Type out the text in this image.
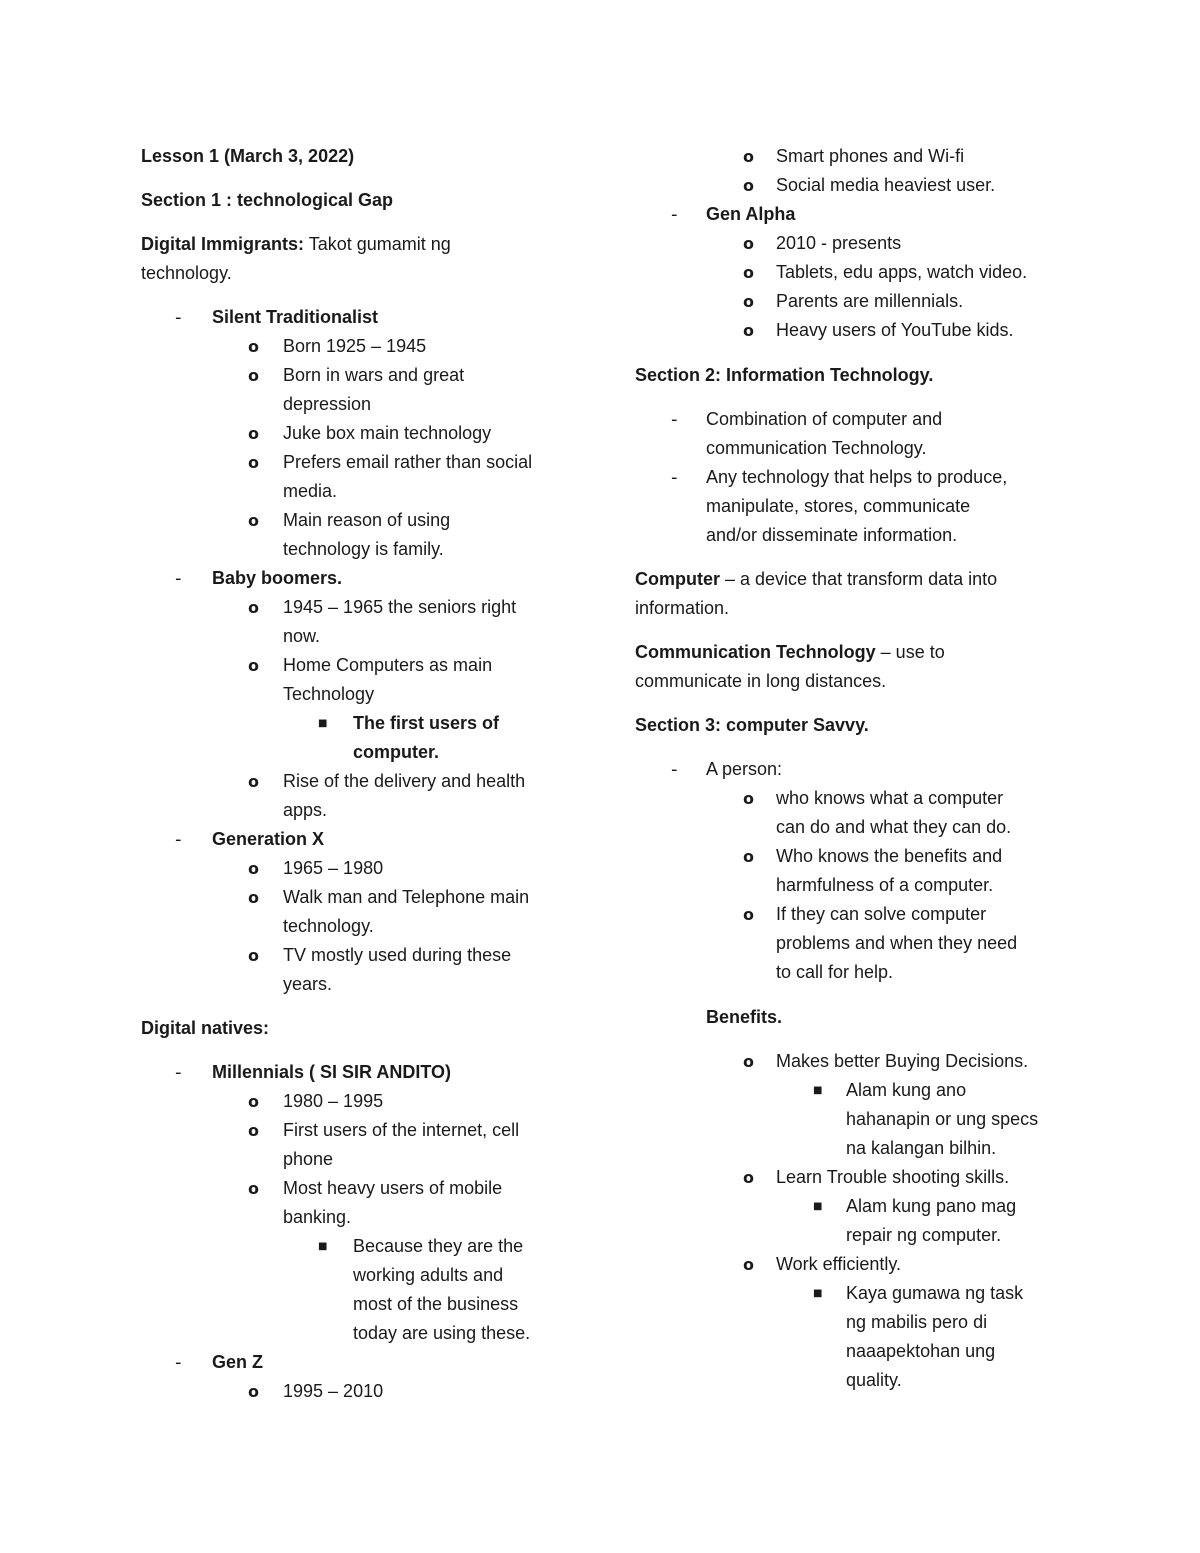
Lesson 1 (March 3, 2022)

Section 1 : technological Gap

Digital Immigrants: Takot gumamit ng

technology.

- Silent Traditionalist
o Born 1925 – 1945
o Born in wars and great
depression
o Juke box main technology
o Prefers email rather than social
media.
o Main reason of using
technology is family.
- Baby boomers.
o 1945 – 1965 the seniors right
now.
o Home Computers as main
Technology
■ The first users of
computer.
o Rise of the delivery and health
apps.
- Generation X
o 1965 – 1980
o Walk man and Telephone main
technology.
o TV mostly used during these
years.

Digital natives:

- Millennials ( SI SIR ANDITO)
o 1980 – 1995
o First users of the internet, cell
phone
o Most heavy users of mobile
banking.
■ Because they are the
working adults and
most of the business
today are using these.
- Gen Z
o 1995 – 2010
o Smart phones and Wi-fi
o Social media heaviest user.
- Gen Alpha
o 2010 - presents
o Tablets, edu apps, watch video.
o Parents are millennials.
o Heavy users of YouTube kids.

Section 2: Information Technology.

- Combination of computer and
communication Technology.
- Any technology that helps to produce,
manipulate, stores, communicate
and/or disseminate information.

Computer – a device that transform data into

information.

Communication Technology – use to

communicate in long distances.

Section 3: computer Savvy.

- A person:
o who knows what a computer
can do and what they can do.
o Who knows the benefits and
harmfulness of a computer.
o If they can solve computer
problems and when they need
to call for help.
Benefits.
o Makes better Buying Decisions.
■ Alam kung ano
hahanapin or ung specs
na kalangan bilhin.
o Learn Trouble shooting skills.
■ Alam kung pano mag
repair ng computer.
o Work efficiently.
■ Kaya gumawa ng task
ng mabilis pero di
naaapektohan ung
quality.
